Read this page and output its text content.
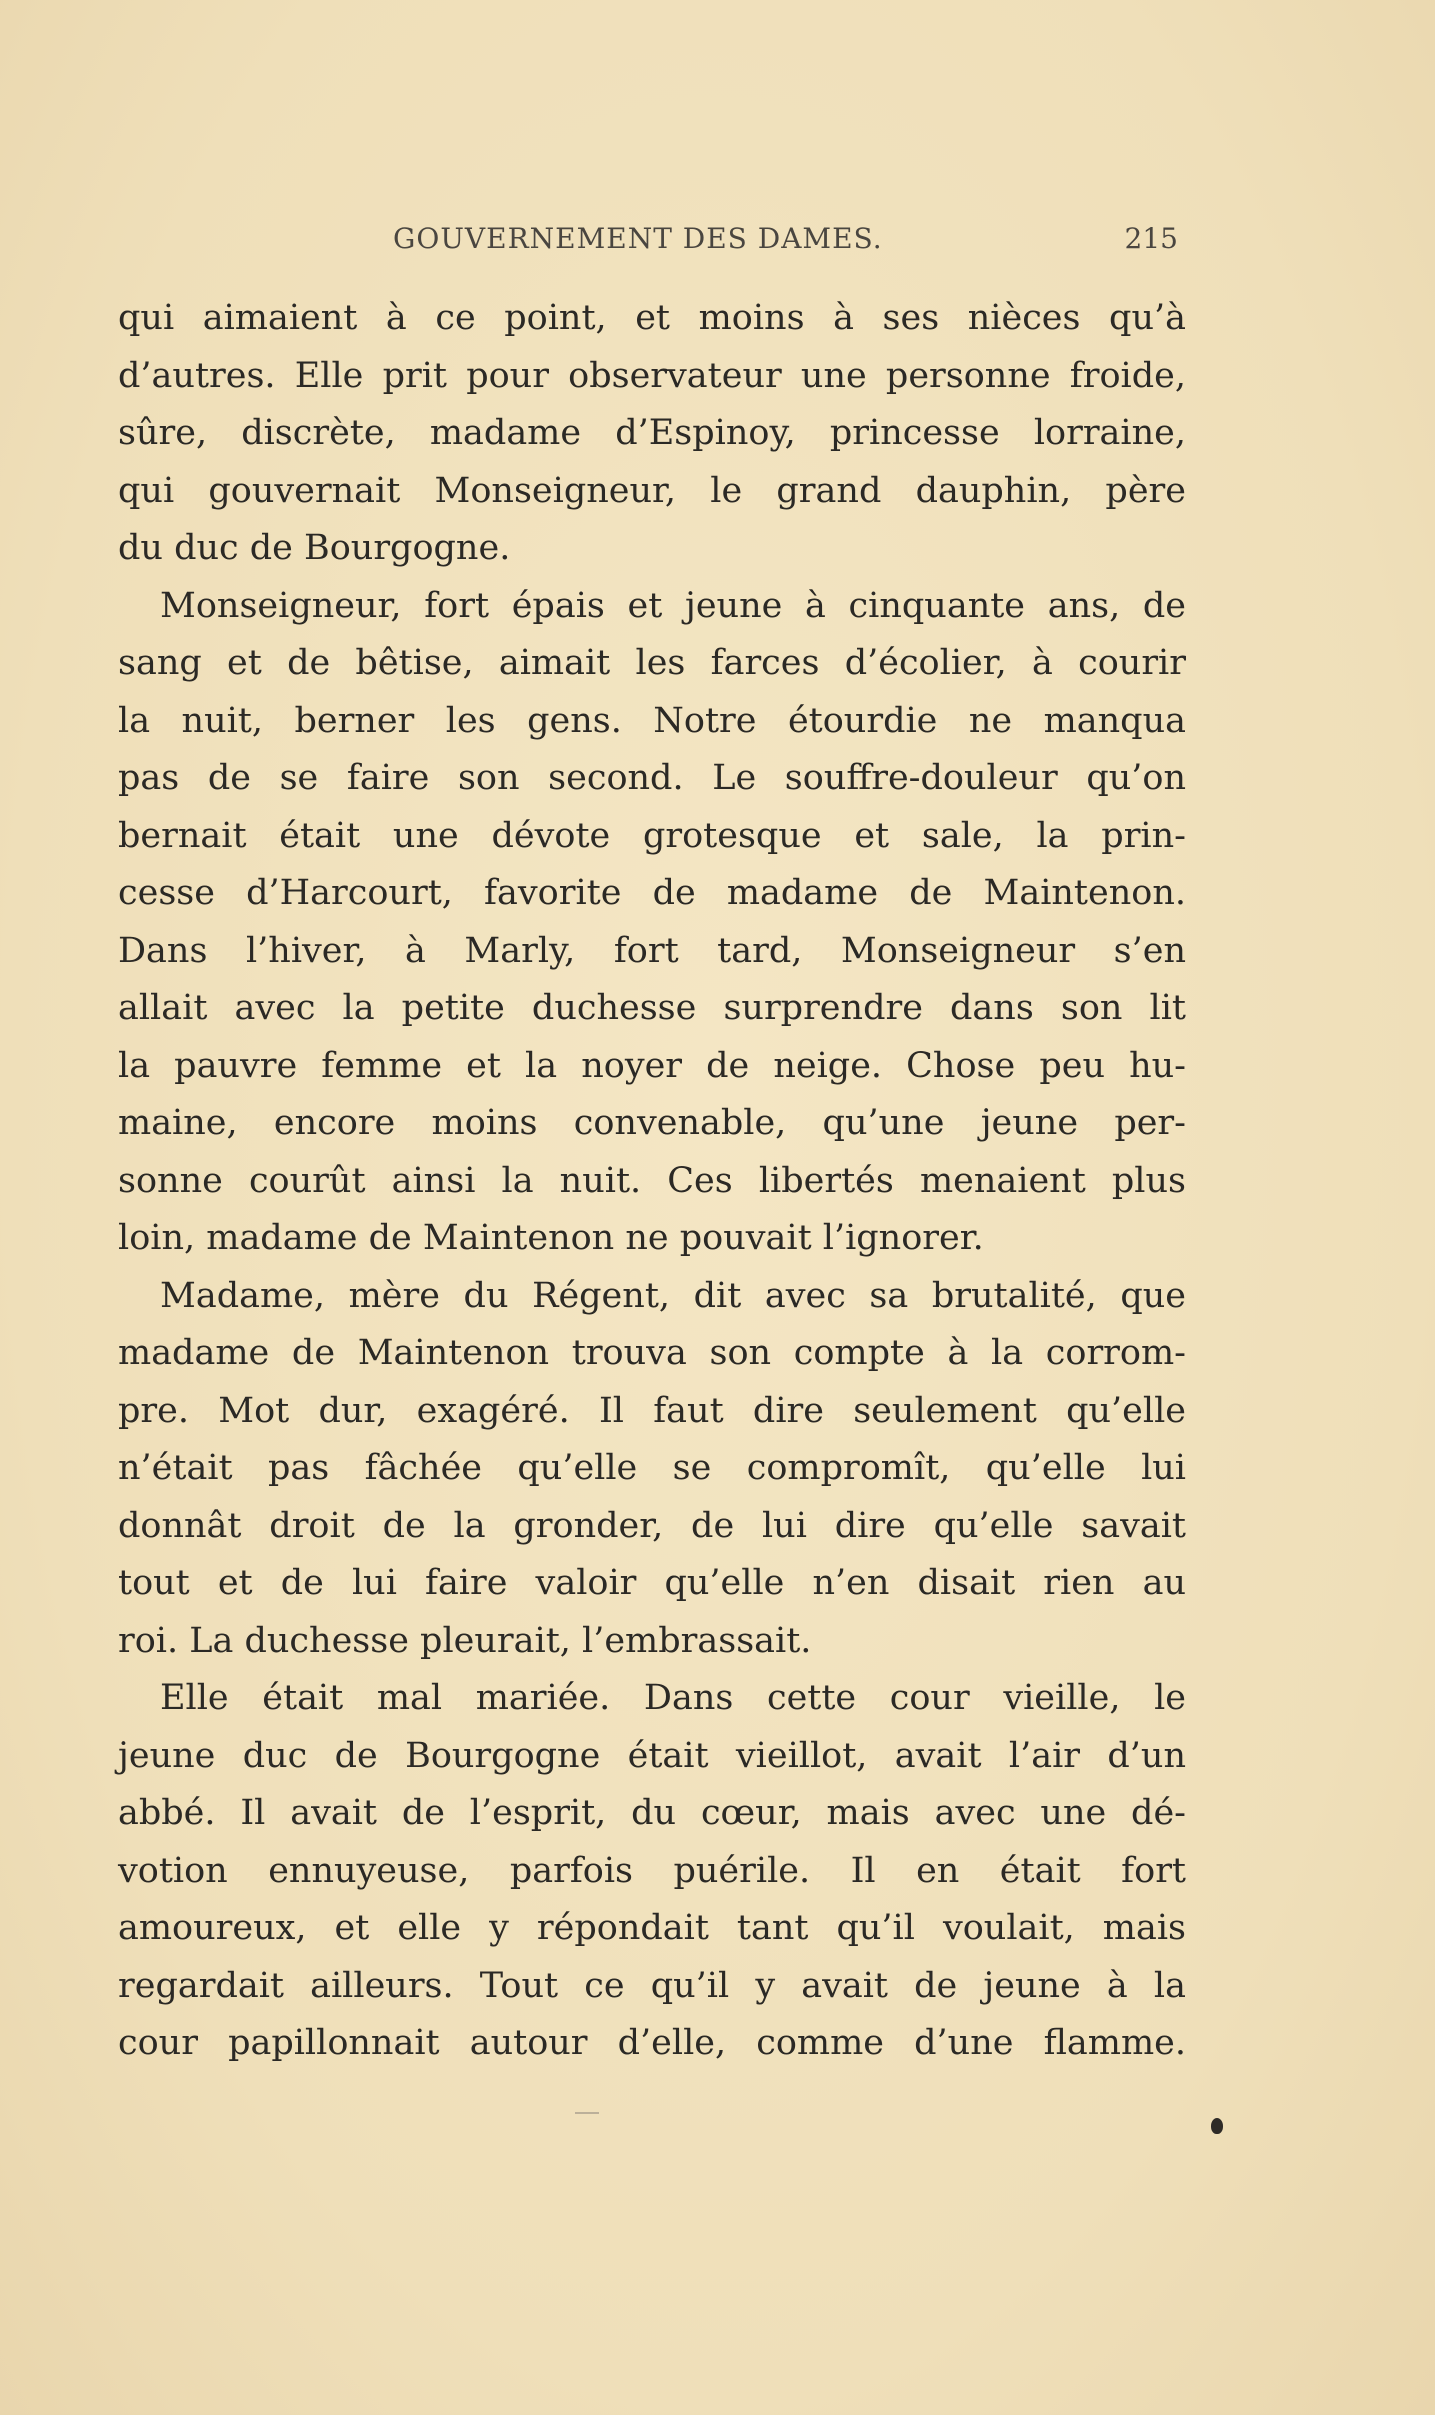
GOUVERNEMENT DES DAMES.	215
qui aimaient à ce point, et moins à ses nièces qu’à
d’autres. Elle prit pour observateur une personne froide,
sûre, discrète, madame d’Espinoy, princesse lorraine,
qui gouvernait Monseigneur, le grand dauphin, père
du duc de Bourgogne.
Monseigneur, fort épais et jeune à cinquante ans, de
sang et de bêtise, aimait les farces d’écolier, à courir
la nuit, berner les gens. Notre étourdie ne manqua
pas de se faire son second. Le souffre-douleur qu’on
bernait était une dévote grotesque et sale, la prin-
cesse d’Harcourt, favorite de madame de Maintenon.
Dans l’hiver, à Marly, fort tard, Monseigneur s’en
allait avec la petite duchesse surprendre dans son lit
la pauvre femme et la noyer de neige. Chose peu hu-
maine, encore moins convenable, qu’une jeune per-
sonne courût ainsi la nuit. Ces libertés menaient plus
loin, madame de Maintenon ne pouvait l’ignorer.
Madame, mère du Régent, dit avec sa brutalité, que
madame de Maintenon trouva son compte à la corrom-
pre. Mot dur, exagéré. Il faut dire seulement qu’elle
n’était pas fâchée qu’elle se compromît, qu’elle lui
donnât droit de la gronder, de lui dire qu’elle savait
tout et de lui faire valoir qu’elle n’en disait rien au
roi. La duchesse pleurait, l’embrassait.
Elle était mal mariée. Dans cette cour vieille, le
jeune duc de Bourgogne était vieillot, avait l’air d’un
abbé. Il avait de l’esprit, du cœur, mais avec une dé-
votion ennuyeuse, parfois puérile. Il en était fort
amoureux, et elle y répondait tant qu’il voulait, mais
regardait ailleurs. Tout ce qu’il y avait de jeune à la
cour papillonnait autour d’elle, comme d’une flamme.
